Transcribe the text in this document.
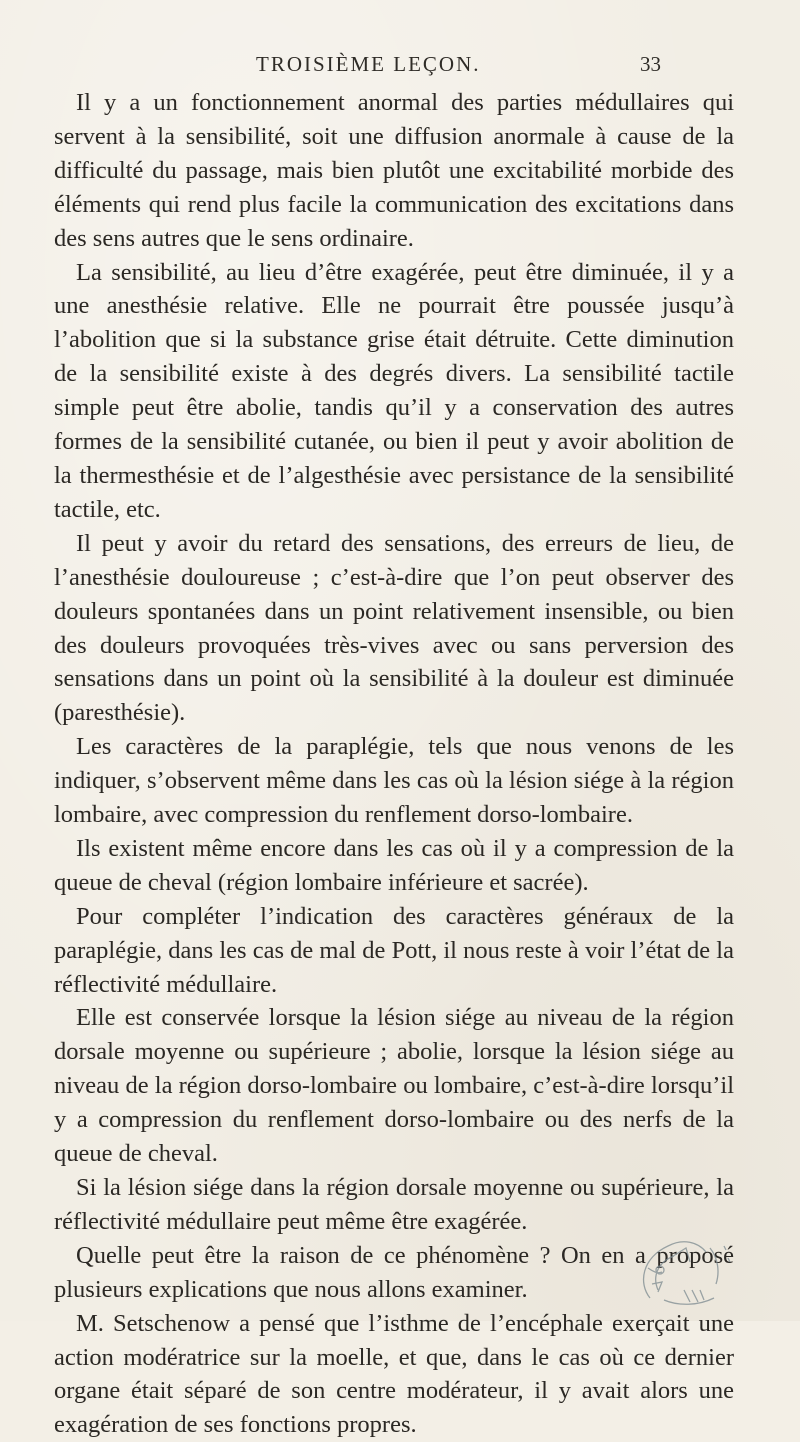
TROISIÈME LEÇON.	33

Il y a un fonctionnement anormal des parties médullaires qui servent à la sensibilité, soit une diffusion anormale à cause de la difficulté du passage, mais bien plutôt une excitabilité morbide des éléments qui rend plus facile la communication des excitations dans des sens autres que le sens ordinaire.

La sensibilité, au lieu d’être exagérée, peut être diminuée, il y a une anesthésie relative. Elle ne pourrait être poussée jusqu’à l’abolition que si la substance grise était détruite. Cette diminution de la sensibilité existe à des degrés divers. La sensibilité tactile simple peut être abolie, tandis qu’il y a conservation des autres formes de la sensibilité cutanée, ou bien il peut y avoir abolition de la thermesthésie et de l’algesthésie avec persistance de la sensibilité tactile, etc.

Il peut y avoir du retard des sensations, des erreurs de lieu, de l’anesthésie douloureuse ; c’est-à-dire que l’on peut observer des douleurs spontanées dans un point relativement insensible, ou bien des douleurs provoquées très-vives avec ou sans perversion des sensations dans un point où la sensibilité à la douleur est diminuée (paresthésie).

Les caractères de la paraplégie, tels que nous venons de les indiquer, s’observent même dans les cas où la lésion siége à la région lombaire, avec compression du renflement dorso-lombaire.

Ils existent même encore dans les cas où il y a compression de la queue de cheval (région lombaire inférieure et sacrée).

Pour compléter l’indication des caractères généraux de la paraplégie, dans les cas de mal de Pott, il nous reste à voir l’état de la réflectivité médullaire.

Elle est conservée lorsque la lésion siége au niveau de la région dorsale moyenne ou supérieure ; abolie, lorsque la lésion siége au niveau de la région dorso-lombaire ou lombaire, c’est-à-dire lorsqu’il y a compression du renflement dorso-lombaire ou des nerfs de la queue de cheval.

Si la lésion siége dans la région dorsale moyenne ou supérieure, la réflectivité médullaire peut même être exagérée.

Quelle peut être la raison de ce phénomène ? On en a proposé plusieurs explications que nous allons examiner.

M. Setschenow a pensé que l’isthme de l’encéphale exerçait une action modératrice sur la moelle, et que, dans le cas où ce dernier organe était séparé de son centre modérateur, il y avait alors une exagération de ses fonctions propres.
